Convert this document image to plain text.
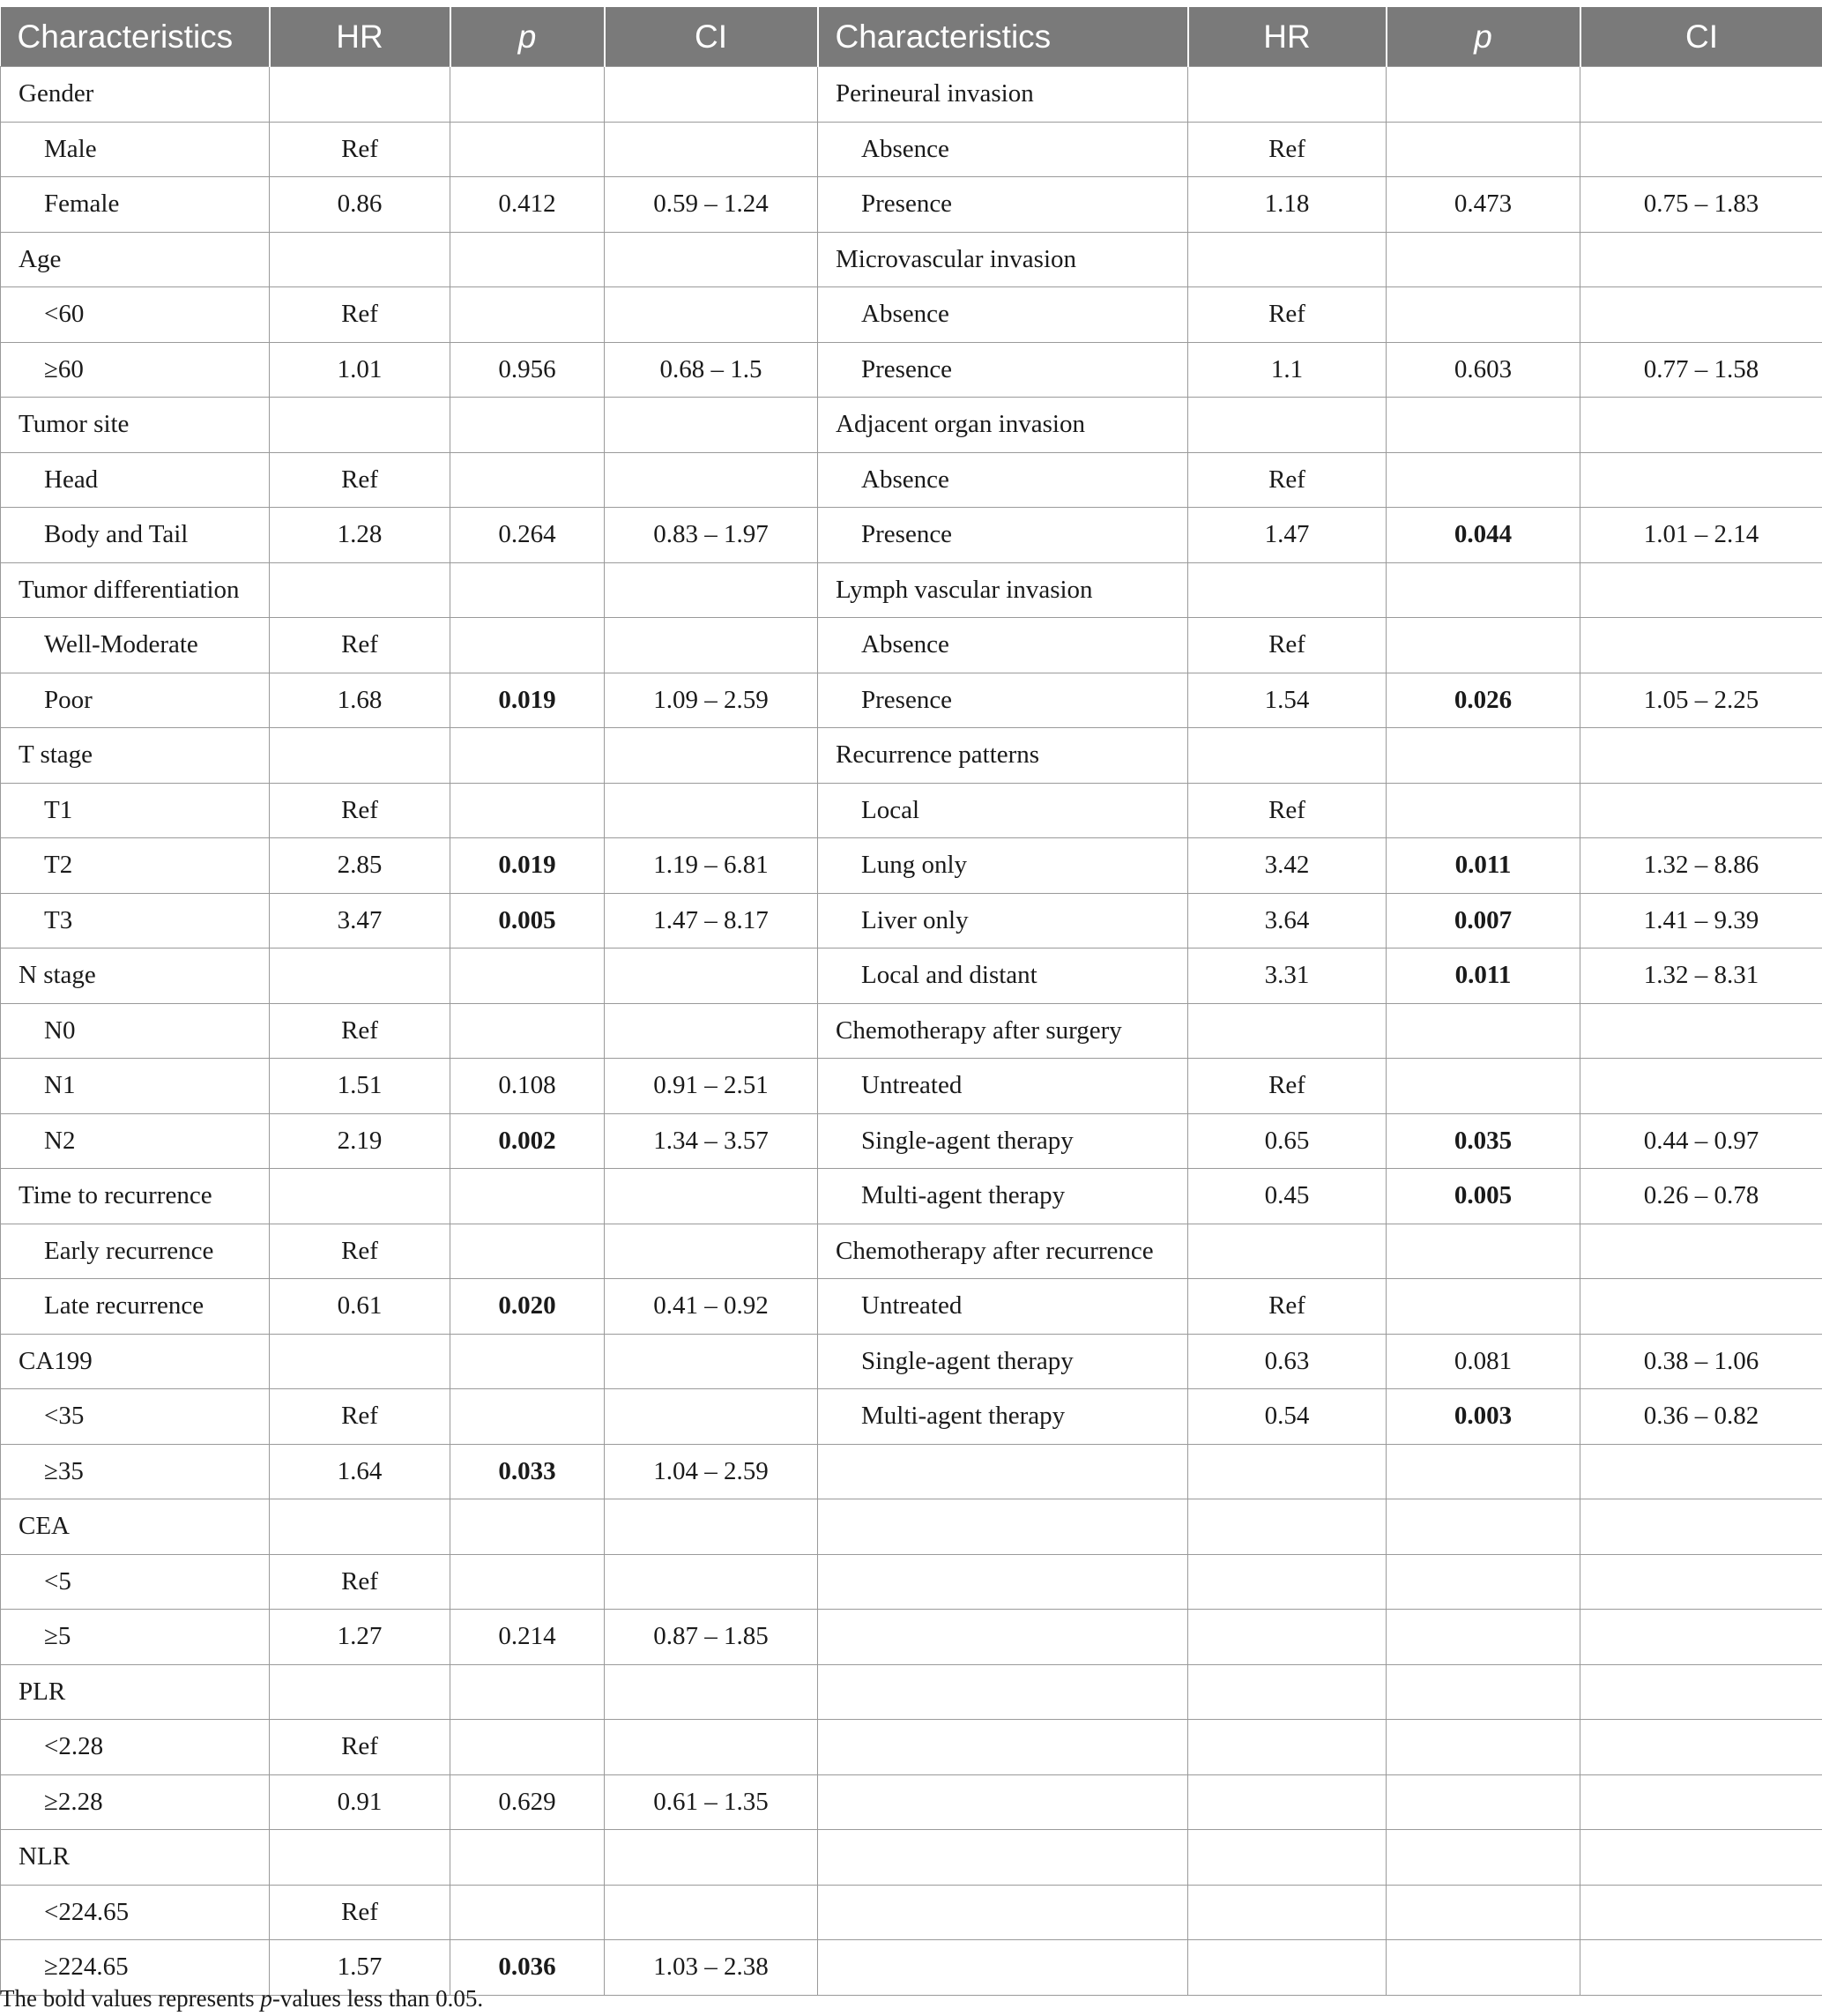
Characteristics	HR	p	CI	Characteristics	HR	p	CI
Gender				Perineural invasion			
Male	Ref			Absence	Ref		
Female	0.86	0.412	0.59 – 1.24	Presence	1.18	0.473	0.75 – 1.83
Age				Microvascular invasion			
<60	Ref			Absence	Ref		
≥60	1.01	0.956	0.68 – 1.5	Presence	1.1	0.603	0.77 – 1.58
Tumor site				Adjacent organ invasion			
Head	Ref			Absence	Ref		
Body and Tail	1.28	0.264	0.83 – 1.97	Presence	1.47	0.044	1.01 – 2.14
Tumor differentiation				Lymph vascular invasion			
Well-Moderate	Ref			Absence	Ref		
Poor	1.68	0.019	1.09 – 2.59	Presence	1.54	0.026	1.05 – 2.25
T stage				Recurrence patterns			
T1	Ref			Local	Ref		
T2	2.85	0.019	1.19 – 6.81	Lung only	3.42	0.011	1.32 – 8.86
T3	3.47	0.005	1.47 – 8.17	Liver only	3.64	0.007	1.41 – 9.39
N stage				Local and distant	3.31	0.011	1.32 – 8.31
N0	Ref			Chemotherapy after surgery			
N1	1.51	0.108	0.91 – 2.51	Untreated	Ref		
N2	2.19	0.002	1.34 – 3.57	Single-agent therapy	0.65	0.035	0.44 – 0.97
Time to recurrence				Multi-agent therapy	0.45	0.005	0.26 – 0.78
Early recurrence	Ref			Chemotherapy after recurrence			
Late recurrence	0.61	0.020	0.41 – 0.92	Untreated	Ref		
CA199				Single-agent therapy	0.63	0.081	0.38 – 1.06
<35	Ref			Multi-agent therapy	0.54	0.003	0.36 – 0.82
≥35	1.64	0.033	1.04 – 2.59				
CEA							
<5	Ref						
≥5	1.27	0.214	0.87 – 1.85				
PLR							
<2.28	Ref						
≥2.28	0.91	0.629	0.61 – 1.35				
NLR							
<224.65	Ref						
≥224.65	1.57	0.036	1.03 – 2.38				
The bold values represents p-values less than 0.05.
